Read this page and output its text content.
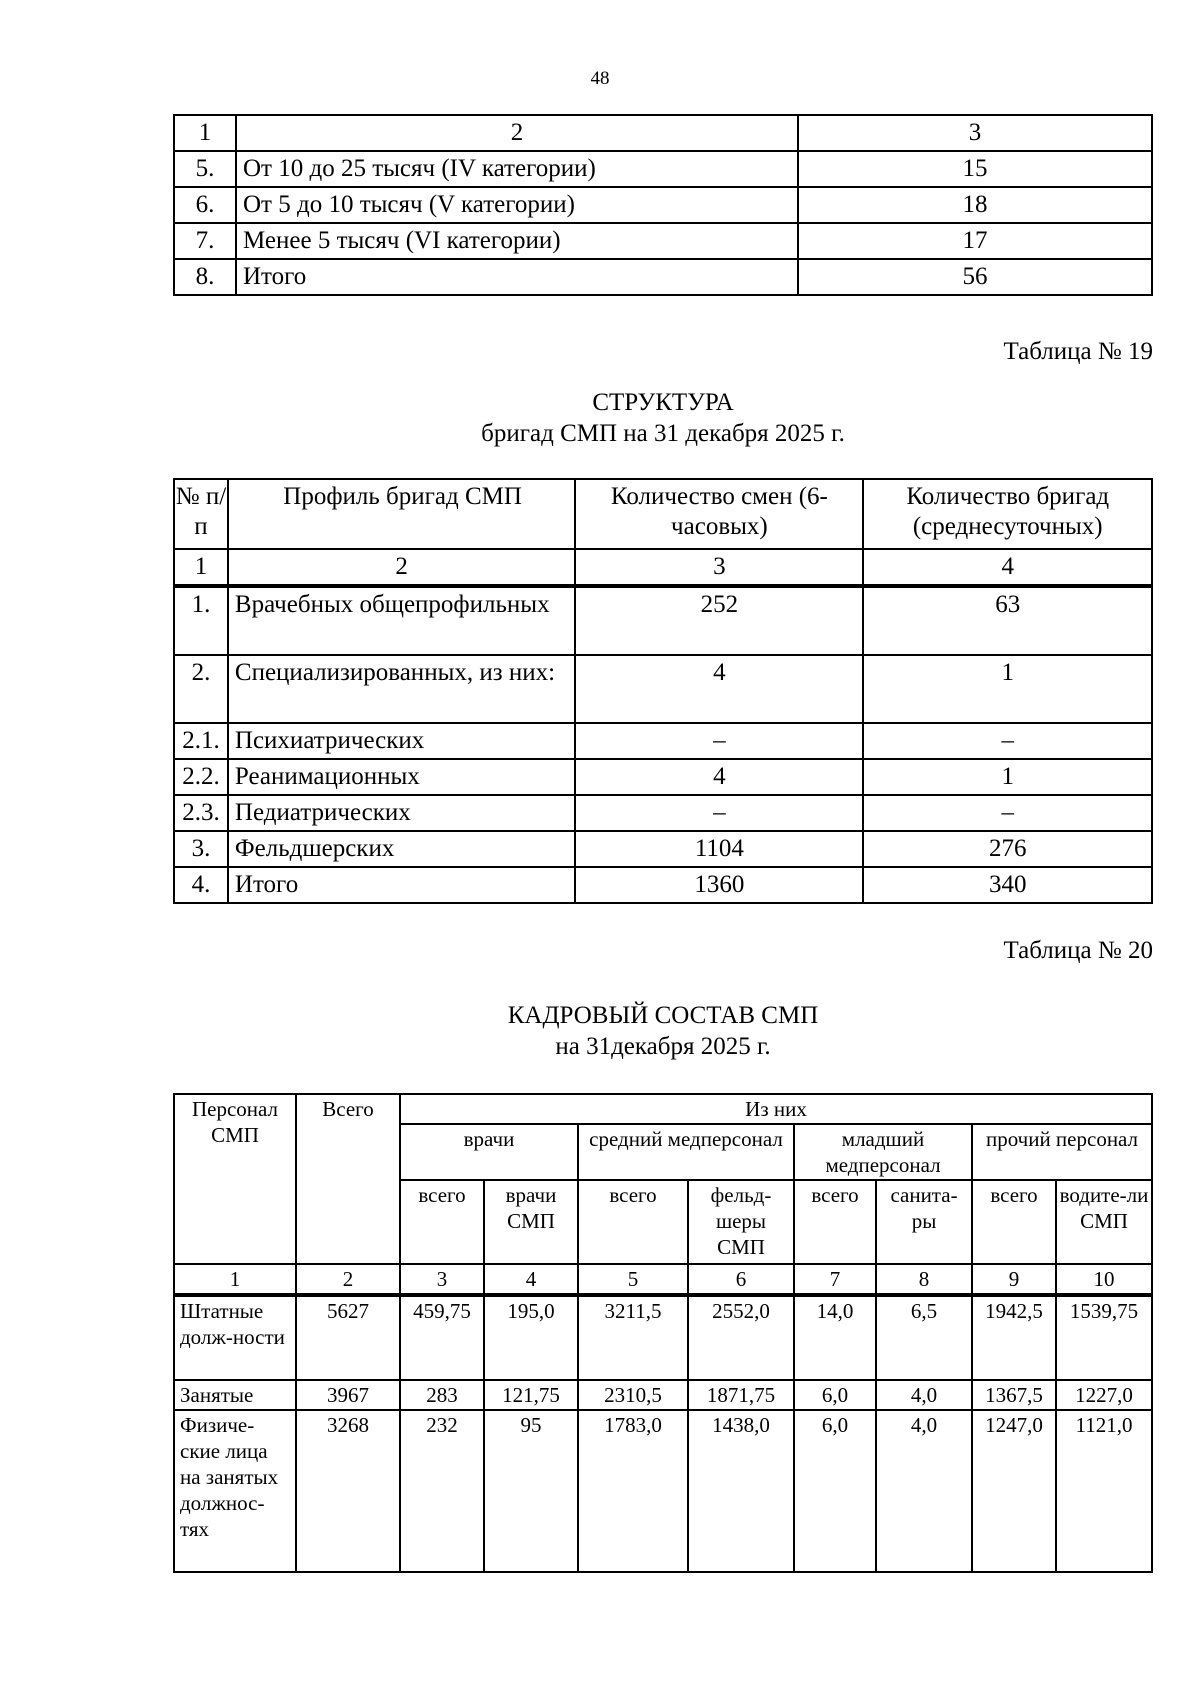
48
1	2	3
5.	От 10 до 25 тысяч (IV категории)	15
6.	От 5 до 10 тысяч (V категории)	18
7.	Менее 5 тысяч (VI категории)	17
8.	Итого	56
Таблица № 19
СТРУКТУРА
бригад СМП на 31 декабря 2025 г.
№ п/п	Профиль бригад СМП	Количество смен (6-часовых)	Количество бригад (среднесуточных)
1	2	3	4
1.	Врачебных общепрофильных	252	63
2.	Специализированных, из них:	4	1
2.1.	Психиатрических	–	–
2.2.	Реанимационных	4	1
2.3.	Педиатрических	–	–
3.	Фельдшерских	1104	276
4.	Итого	1360	340
Таблица № 20
КАДРОВЫЙ СОСТАВ СМП
на 31декабря 2025 г.
Персонал СМП	Всего	Из них							
		врачи		средний медперсонал		младший медперсонал		прочий персонал	
		всего	врачи СМП	всего	фельд-шеры СМП	всего	санита-ры	всего	водите-ли СМП
1	2	3	4	5	6	7	8	9	10
Штатные долж-ности	5627	459,75	195,0	3211,5	2552,0	14,0	6,5	1942,5	1539,75
Занятые	3967	283	121,75	2310,5	1871,75	6,0	4,0	1367,5	1227,0
Физиче-ские лица на занятых должнос-тях	3268	232	95	1783,0	1438,0	6,0	4,0	1247,0	1121,0
